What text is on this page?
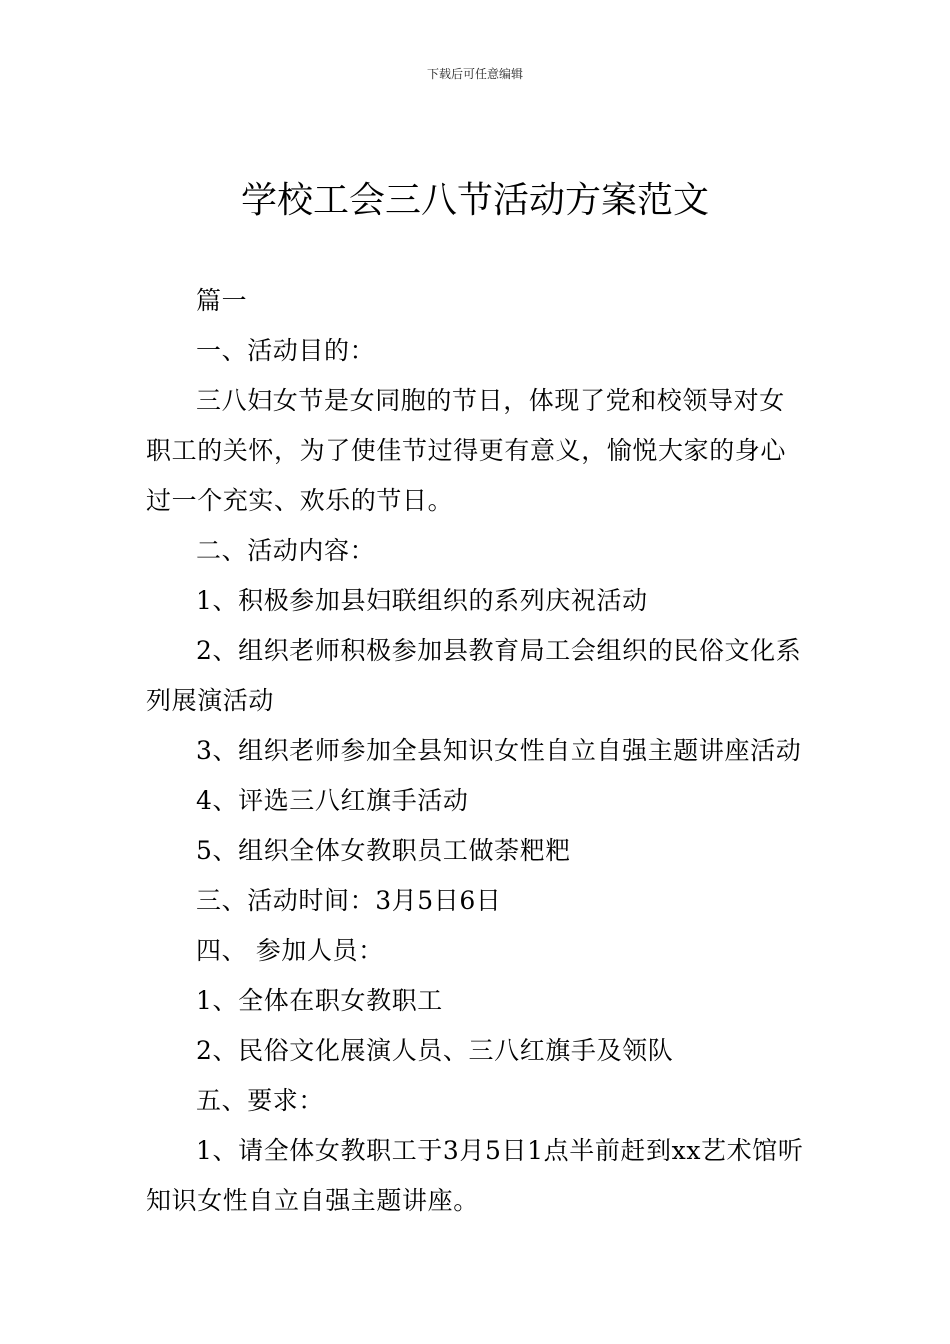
下载后可任意编辑
学校工会三八节活动方案范文

篇一

一、活动目的：

三八妇女节是女同胞的节日，体现了党和校领导对女职工的关怀，为了使佳节过得更有意义，愉悦大家的身心过一个充实、欢乐的节日。

二、活动内容：

1、积极参加县妇联组织的系列庆祝活动

2、组织老师积极参加县教育局工会组织的民俗文化系列展演活动

3、组织老师参加全县知识女性自立自强主题讲座活动

4、评选三八红旗手活动

5、组织全体女教职员工做荼粑粑

三、活动时间：3月5日6日

四、 参加人员：

1、全体在职女教职工

2、民俗文化展演人员、三八红旗手及领队

五、要求：

1、请全体女教职工于3月5日1点半前赶到xx艺术馆听知识女性自立自强主题讲座。
